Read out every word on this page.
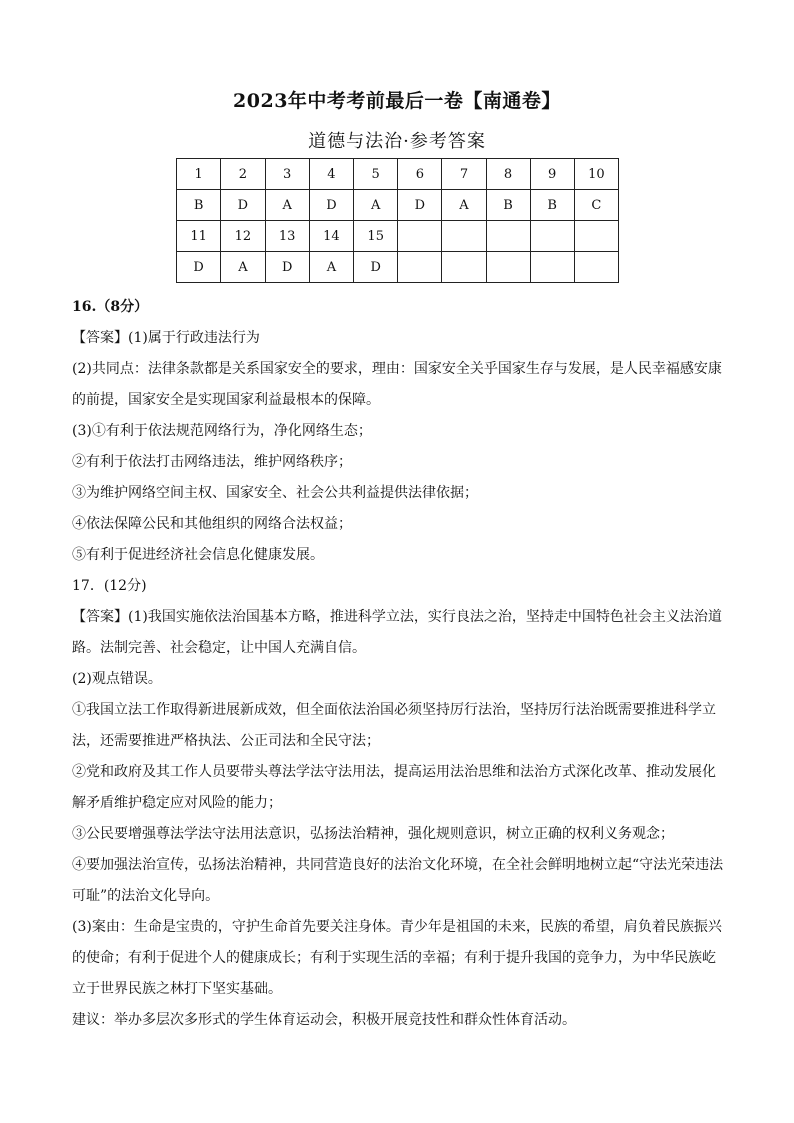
2023年中考考前最后一卷【南通卷】
道德与法治·参考答案
1	2	3	4	5	6	7	8	9	10
B	D	A	D	A	D	A	B	B	C
11	12	13	14	15					
D	A	D	A	D					

16.（8分）

【答案】(1)属于行政违法行为

(2)共同点：法律条款都是关系国家安全的要求，理由：国家安全关乎国家生存与发展，是人民幸福感安康

的前提，国家安全是实现国家利益最根本的保障。

(3)①有利于依法规范网络行为，净化网络生态；

②有利于依法打击网络违法，维护网络秩序；

③为维护网络空间主权、国家安全、社会公共利益提供法律依据；

④依法保障公民和其他组织的网络合法权益；

⑤有利于促进经济社会信息化健康发展。

17．(12分)

【答案】(1)我国实施依法治国基本方略，推进科学立法，实行良法之治，坚持走中国特色社会主义法治道

路。法制完善、社会稳定，让中国人充满自信。

(2)观点错误。

①我国立法工作取得新进展新成效，但全面依法治国必须坚持厉行法治，坚持厉行法治既需要推进科学立

法，还需要推进严格执法、公正司法和全民守法；

②党和政府及其工作人员要带头尊法学法守法用法，提高运用法治思维和法治方式深化改革、推动发展化

解矛盾维护稳定应对风险的能力；

③公民要增强尊法学法守法用法意识，弘扬法治精神，强化规则意识，树立正确的权利义务观念；

④要加强法治宣传，弘扬法治精神，共同营造良好的法治文化环境，在全社会鲜明地树立起“守法光荣违法

可耻”的法治文化导向。

(3)案由：生命是宝贵的，守护生命首先要关注身体。青少年是祖国的未来，民族的希望，肩负着民族振兴

的使命；有利于促进个人的健康成长；有利于实现生活的幸福；有利于提升我国的竞争力，为中华民族屹

立于世界民族之林打下坚实基础。

建议：举办多层次多形式的学生体育运动会，积极开展竞技性和群众性体育活动。
